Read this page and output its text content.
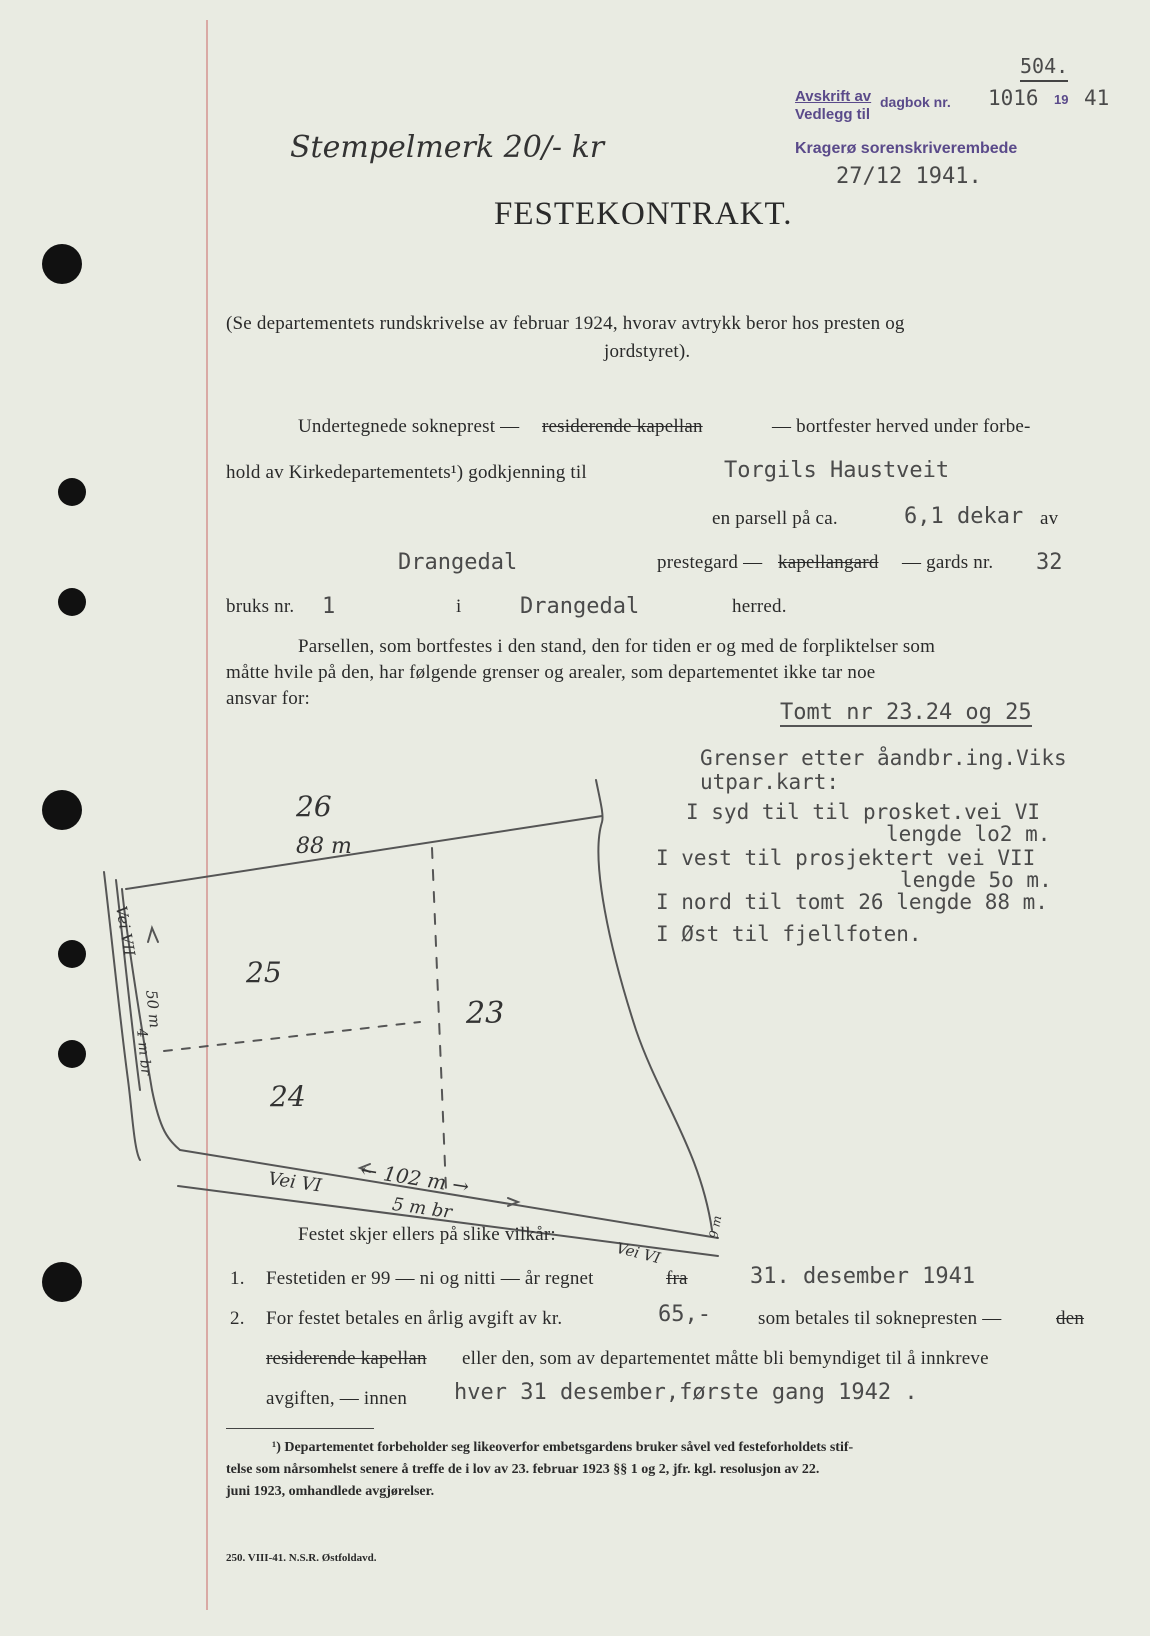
504.
Avskrift av dagbok nr.
Vedlegg til
Kragerø sorenskriverembede
1016 19 41
27/12 1941.
Stempelmerk 20/- kr
FESTEKONTRAKT.
(Se departementets rundskrivelse av februar 1924, hvorav avtrykk beror hos presten og
jordstyret).
Undertegnede sokneprest — residerende kapellan	— bortfester herved under forbe-
hold av Kirkedepartementets¹) godkjenning til	Torgils Haustveit
en parsell på ca.	6,1 dekar av
Drangedal	prestegard — kapellangard — gards nr. 32
bruks nr. 1	i	Drangedal	herred.
Parsellen, som bortfestes i den stand, den for tiden er og med de forpliktelser som
måtte hvile på den, har følgende grenser og arealer, som departementet ikke tar noe
ansvar for:
Tomt nr 23.24 og 25
Grenser etter åandbr.ing.Viks
utpar.kart:
I syd til til prosket.vei VI
lengde lo2 m.
I vest til prosjektert vei VII
lengde 5o m.
I nord til tomt 26 lengde 88 m.
I Øst til fjellfoten.
26
88 m
25
23
24
← 102 m →
Vei VI
5 m br
Vei VI
Vei VII
50 m
4 m br
9 m
Festet skjer ellers på slike vilkår:
1. Festetiden er 99 — ni og nitti — år regnet	fra	31. desember 1941
2. For festet betales en årlig avgift av kr.	65,- som betales til soknepresten —	den
residerende kapellan eller den, som av departementet måtte bli bemyndiget til å innkreve
avgiften, — innen hver 31 desember,første gang 1942 .
¹) Departementet forbeholder seg likeoverfor embetsgardens bruker såvel ved festeforholdets stif-
telse som nårsomhelst senere å treffe de i lov av 23. februar 1923 §§ 1 og 2, jfr. kgl. resolusjon av 22.
juni 1923, omhandlede avgjørelser.
250. VIII-41. N.S.R. Østfoldavd.
